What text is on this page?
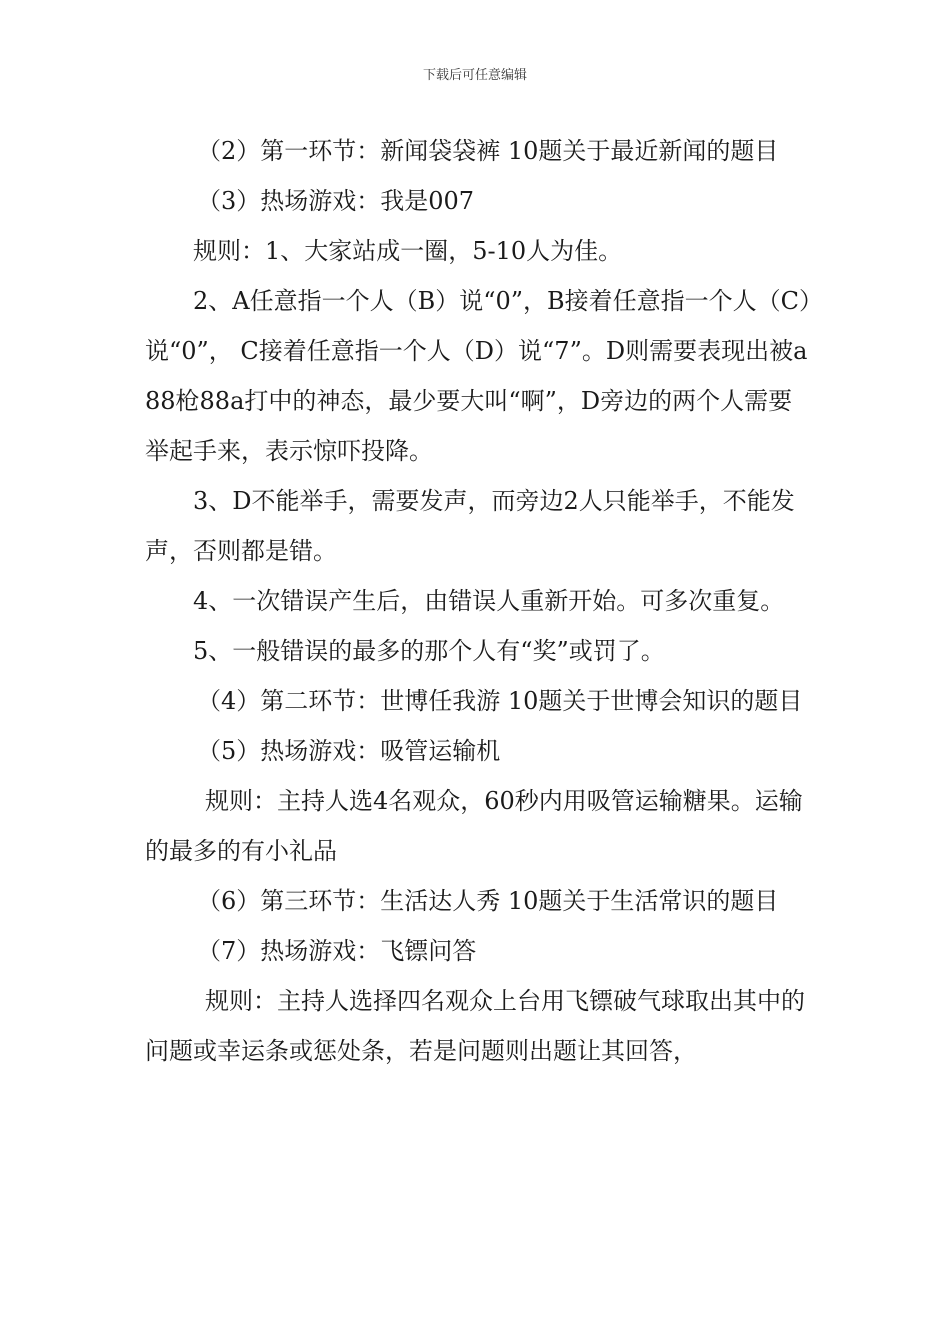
下载后可任意编辑

（2）第一环节：新闻袋袋裤 10题关于最近新闻的题目

（3）热场游戏：我是007

规则：1、大家站成一圈，5-10人为佳。

2、A任意指一个人（B）说“0”，B接着任意指一个人（C）说“0”， C接着任意指一个人（D）说“7”。D则需要表现出被a88枪88a打中的神态，最少要大叫“啊”，D旁边的两个人需要举起手来，表示惊吓投降。

3、D不能举手，需要发声，而旁边2人只能举手，不能发声，否则都是错。

4、一次错误产生后，由错误人重新开始。可多次重复。

5、一般错误的最多的那个人有“奖”或罚了。

（4）第二环节：世博任我游 10题关于世博会知识的题目

（5）热场游戏：吸管运输机

规则：主持人选4名观众，60秒内用吸管运输糖果。运输的最多的有小礼品

（6）第三环节：生活达人秀 10题关于生活常识的题目

（7）热场游戏：飞镖问答

规则：主持人选择四名观众上台用飞镖破气球取出其中的问题或幸运条或惩处条，若是问题则出题让其回答，
